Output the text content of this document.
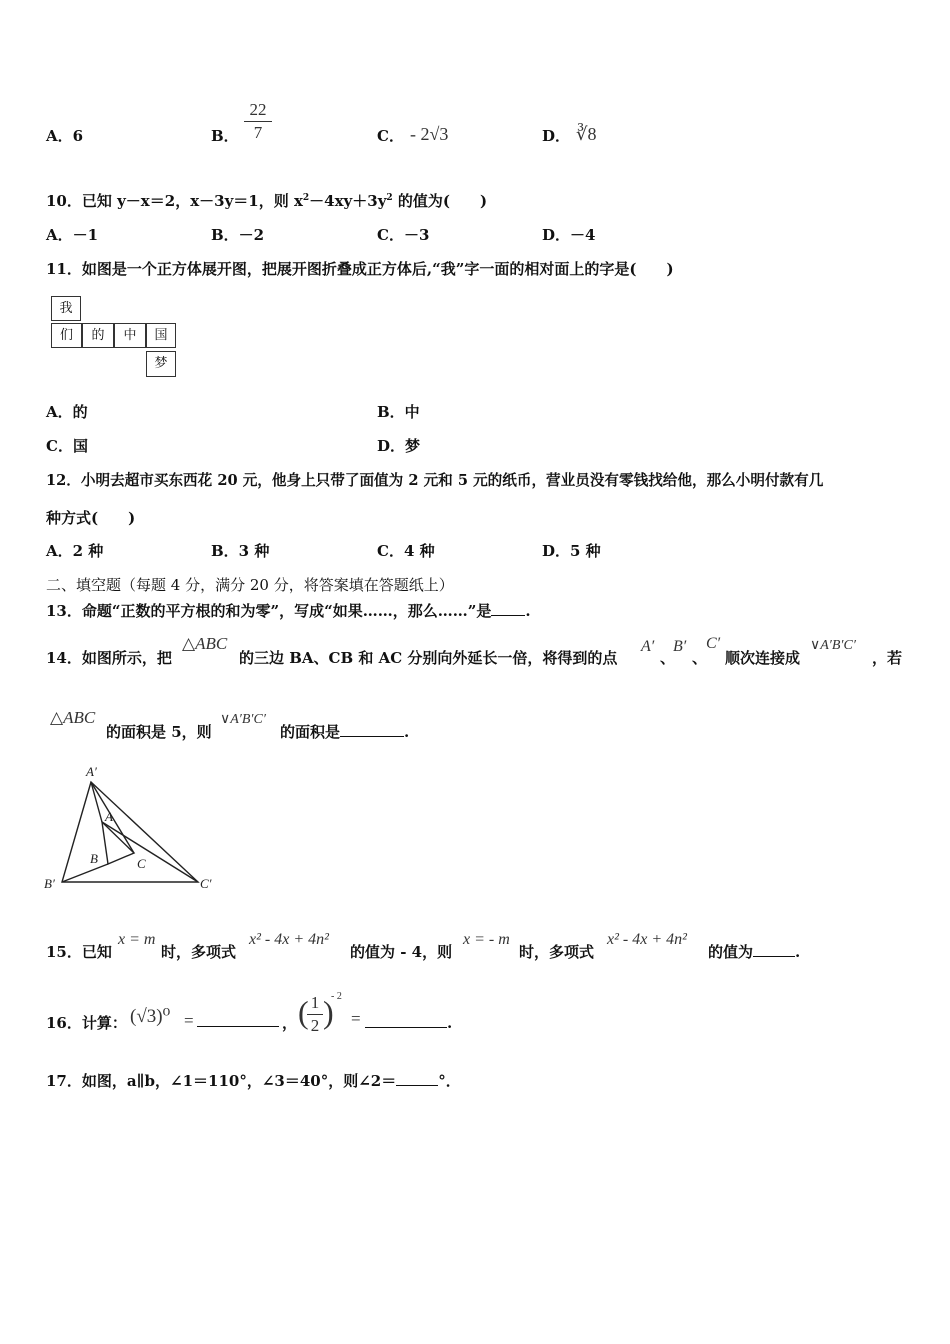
A．6	B．
22
7	C． - 2√3	D． ∛8
10．已知 y－x＝2，x－3y＝1，则 $x^2-4xy+3y^2$ 的值为(　　)
A．－1	B．－2	C．－3	D．－4
11．如图是一个正方体展开图，把展开图折叠成正方体后,“我”字一面的相对面上的字是(　　)
我
们	的	中	国
梦
A．的	B．中
C．国	D．梦
12．小明去超市买东西花 20 元，他身上只带了面值为 2 元和 5 元的纸币，营业员没有零钱找给他，那么小明付款有几
种方式(　　)
A．2 种	B．3 种	C．4 种	D．5 种
二、填空题（每题 4 分，满分 20 分，将答案填在答题纸上）
13．命题“正数的平方根的和为零”，写成“如果……，那么……”是 .
14．如图所示，把
△ABC
的三边 BA、CB 和 AC 分别向外延长一倍，将得到的点
A′
、
B′
、
C′
顺次连接成
∨A′B′C′
，若
△ABC
的面积是 5，则
∨A′B′C′
的面积是	.
A′
A
B	C
B′	C′
15．已知
x = m
时，多项式
x² - 4x + 4n²
的值为 - 4，则
x = - m
时，多项式
x² - 4x + 4n²
的值为	.
16．计算： (√3)⁰ =	， ( 1
2 )
- 2
=	.
17．如图，a∥b，∠1＝110°，∠3＝40°，则∠2＝	°．
